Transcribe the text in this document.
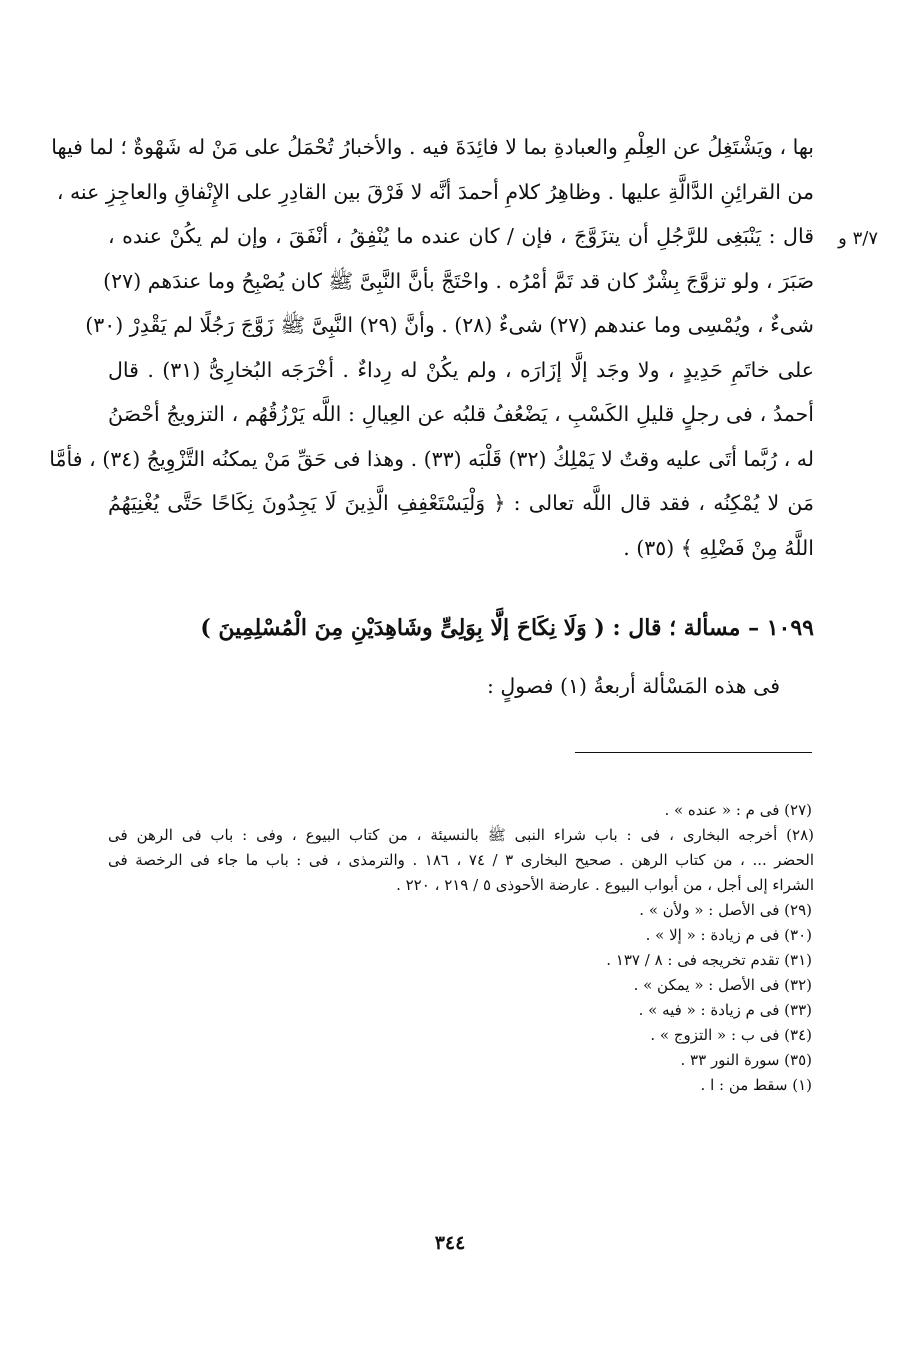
٣/٧ و
بها ، ويَشْتَغِلُ عن العِلْمِ والعبادةِ بما لا فائِدَةَ فيه . والأخبارُ تُحْمَلُ على مَنْ له شَهْوةٌ ؛ لما فيها
من القرائِنِ الدَّالَّةِ عليها . وظاهِرُ كلامِ أحمدَ أنَّه لا فَرْقَ بين القادِرِ على الإِنْفاقِ والعاجِزِ عنه ،
قال : يَنْبَغِى للرَّجُلِ أن يتزَوَّجَ ، فإن / كان عنده ما يُنْفِقُ ، أنْفَقَ ، وإن لم يكُنْ عنده ،
صَبَرَ ، ولو تزوَّجَ بِشْرٌ كان قد تَمَّ أمْرُه . واحْتَجَّ بأنَّ النَّبِىَّ ﷺ كان يُصْبِحُ وما عندَهم (٢٧)
شىءٌ ، ويُمْسِى وما عندهم (٢٧) شىءٌ (٢٨) . وأنَّ (٢٩) النَّبِىَّ ﷺ زَوَّجَ رَجُلًا لم يَقْدِرْ (٣٠)
على خاتَمِ حَدِيدٍ ، ولا وجَد إلَّا إزَارَه ، ولم يكُنْ له رِداءٌ . أخْرَجَه البُخارِىُّ (٣١) . قال
أحمدُ ، فى رجلٍ قليلِ الكَسْبِ ، يَضْعُفُ قلبُه عن العِيالِ : اللَّه يَرْزُقُهُم ، التزويجُ أحْصَنُ
له ، رُبَّما أتَى عليه وقتٌ لا يَمْلِكُ (٣٢) قَلْبَه (٣٣) . وهذا فى حَقِّ مَنْ يمكنُه التَّزْوِيجُ (٣٤) ، فأمَّا
مَن لا يُمْكِنُه ، فقد قال اللَّه تعالى : ﴿ وَلْيَسْتَعْفِفِ الَّذِينَ لَا يَجِدُونَ نِكَاحًا حَتَّى يُغْنِيَهُمُ
اللَّهُ مِنْ فَضْلِهِ ﴾ (٣٥) .
١٠٩٩ – مسألة ؛ قال : ( وَلَا نِكَاحَ إلَّا بِوَلِىٍّ وشَاهِدَيْنِ مِنَ الْمُسْلِمِينَ )
فى هذه المَسْألة أربعةُ (١) فصولٍ :
(٢٧) فى م : « عنده » .
(٢٨) أخرجه البخارى ، فى : باب شراء النبى ﷺ بالنسيئة ، من كتاب البيوع ، وفى : باب فى الرهن فى
الحضر ... ، من كتاب الرهن . صحيح البخارى ٣ / ٧٤ ، ١٨٦ . والترمذى ، فى : باب ما جاء فى الرخصة فى
الشراء إلى أجل ، من أبواب البيوع . عارضة الأحوذى ٥ / ٢١٩ ، ٢٢٠ .
(٢٩) فى الأصل : « ولأن » .
(٣٠) فى م زيادة : « إلا » .
(٣١) تقدم تخريجه فى : ٨ / ١٣٧ .
(٣٢) فى الأصل : « يمكن » .
(٣٣) فى م زيادة : « فيه » .
(٣٤) فى ب : « التزوج » .
(٣٥) سورة النور ٣٣ .
(١) سقط من : ا .
٣٤٤
